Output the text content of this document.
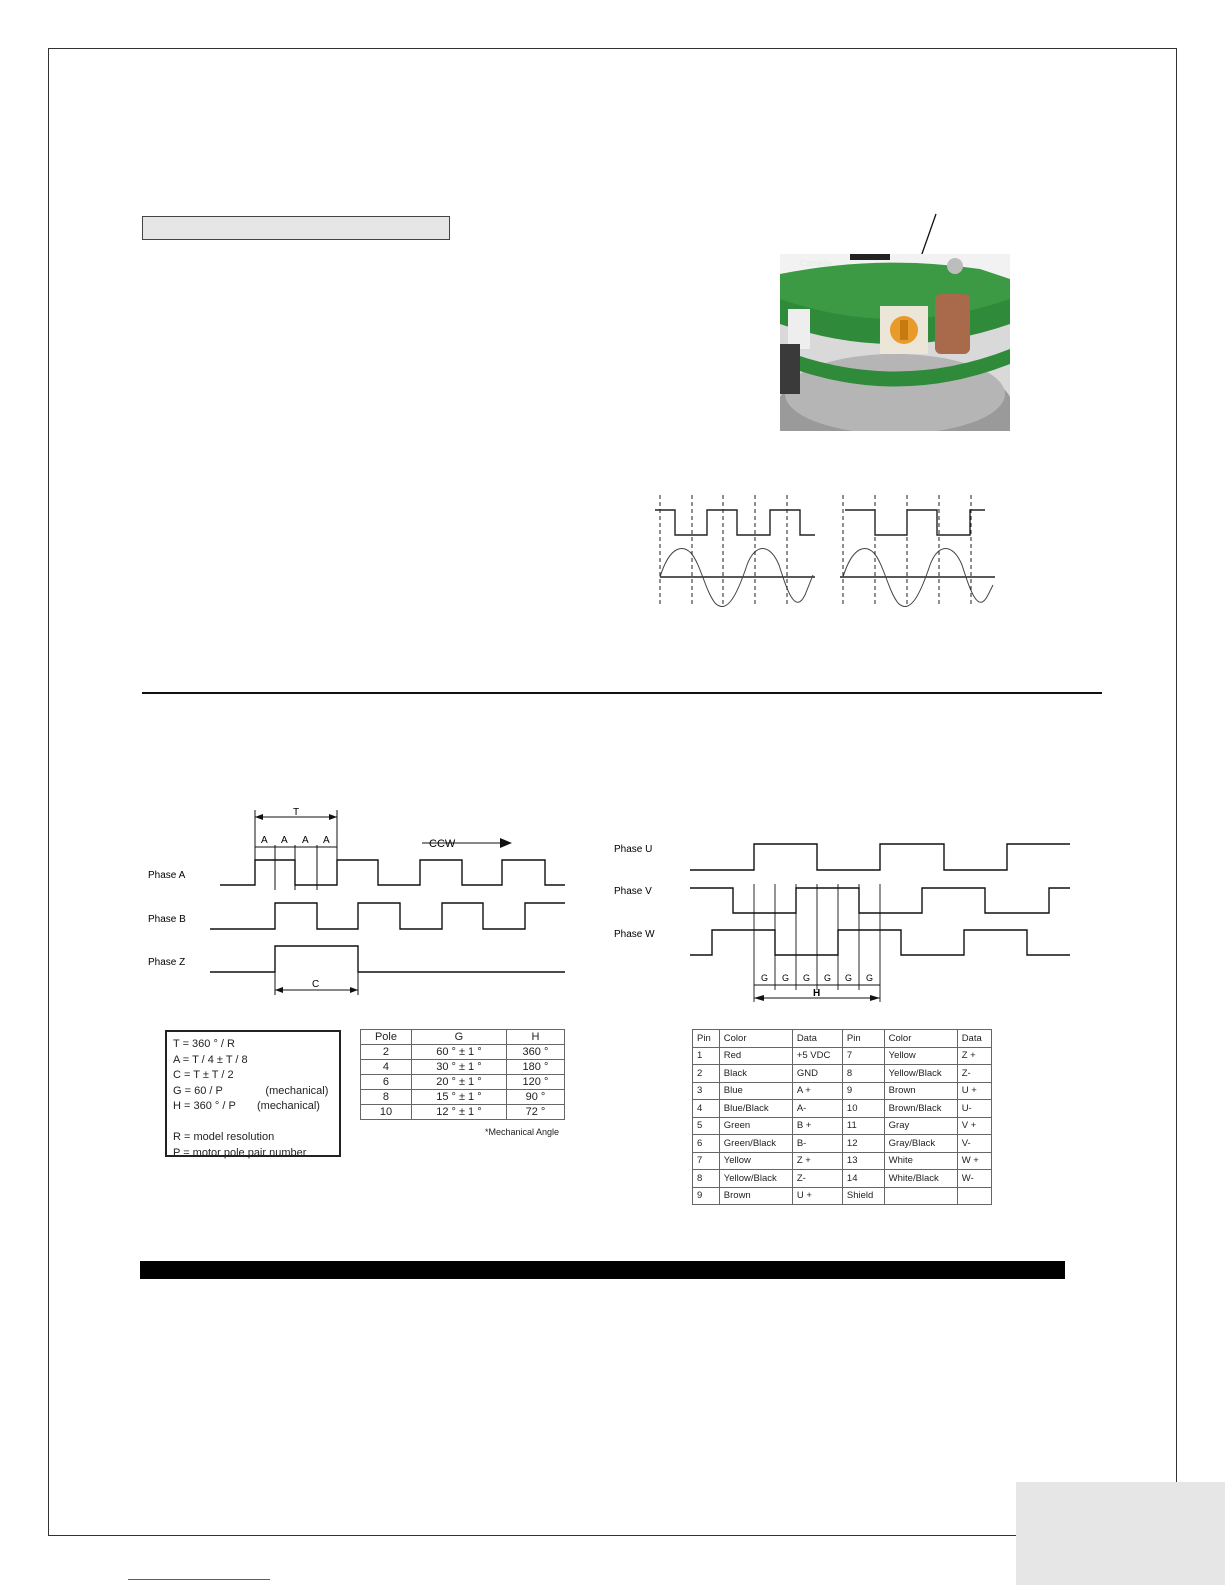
Canada
T
A A A A
C
CCW
Phase A
Phase B
Phase Z
G G G G G G
H
Phase U
Phase V
Phase W
T = 360 ° / R
A = T / 4 ± T / 8
C = T ± T / 2
G = 60 / P              (mechanical)
H = 360 ° / P       (mechanical)

R = model resolution
P = motor pole pair number
Pole	G	H
2	60 ° ± 1 °	360 °
4	30 ° ± 1 °	180 °
6	20 ° ± 1 °	120 °
8	15 ° ± 1 °	90 °
10	12 ° ± 1 °	72 °
*Mechanical Angle
Pin	Color	Data	Pin	Color	Data
1	Red	+5 VDC	7	Yellow	Z +
2	Black	GND	8	Yellow/Black	Z-
3	Blue	A +	9	Brown	U +
4	Blue/Black	A-	10	Brown/Black	U-
5	Green	B +	11	Gray	V +
6	Green/Black	B-	12	Gray/Black	V-
7	Yellow	Z +	13	White	W +
8	Yellow/Black	Z-	14	White/Black	W-
9	Brown	U +	Shield		
